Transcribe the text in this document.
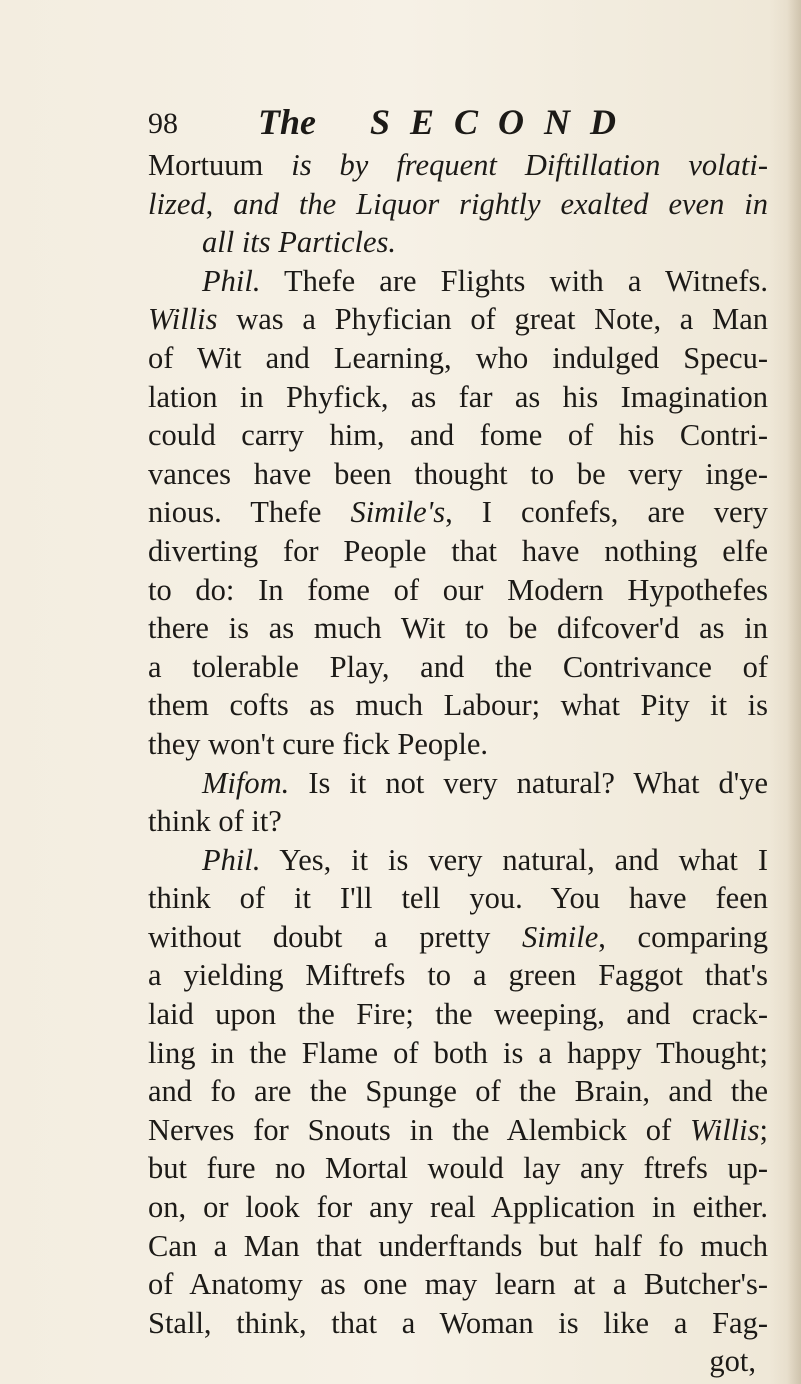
98 The SECOND
Mortuum is by frequent Diftillation volati-
lized, and the Liquor rightly exalted even in
all its Particles.
Phil. Thefe are Flights with a Witnefs.
Willis was a Phyfician of great Note, a Man
of Wit and Learning, who indulged Specu-
lation in Phyfick, as far as his Imagination
could carry him, and fome of his Contri-
vances have been thought to be very inge-
nious. Thefe Simile's, I confefs, are very
diverting for People that have nothing elfe
to do: In fome of our Modern Hypothefes
there is as much Wit to be difcover'd as in
a tolerable Play, and the Contrivance of
them cofts as much Labour; what Pity it is
they won't cure fick People.
Mifom. Is it not very natural? What d'ye
think of it?
Phil. Yes, it is very natural, and what I
think of it I'll tell you. You have feen
without doubt a pretty Simile, comparing
a yielding Miftrefs to a green Faggot that's
laid upon the Fire; the weeping, and crack-
ling in the Flame of both is a happy Thought;
and fo are the Spunge of the Brain, and the
Nerves for Snouts in the Alembick of Willis;
but fure no Mortal would lay any ftrefs up-
on, or look for any real Application in either.
Can a Man that underftands but half fo much
of Anatomy as one may learn at a Butcher's-
Stall, think, that a Woman is like a Fag-
got,
